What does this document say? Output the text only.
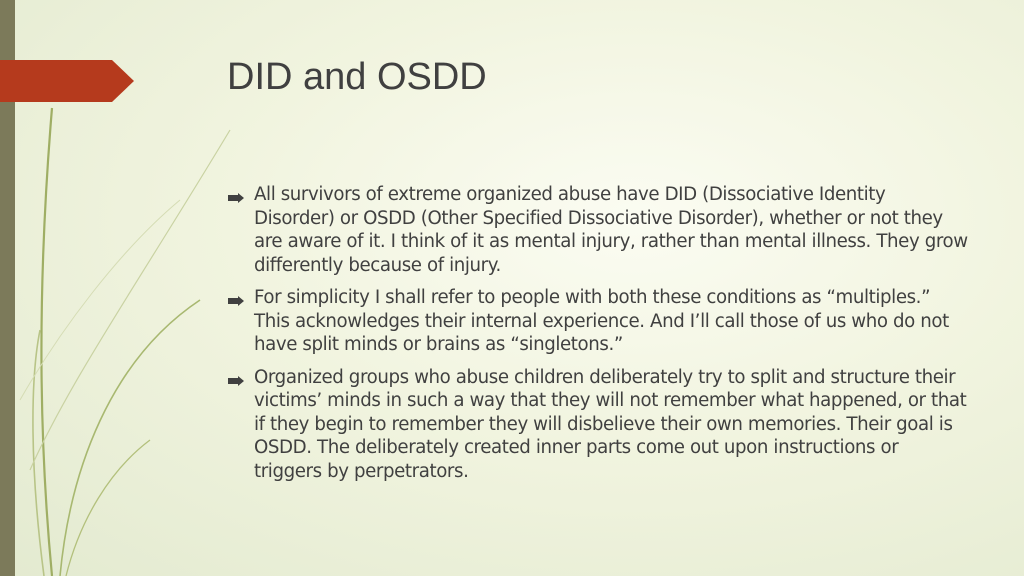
DID and OSDD
All survivors of extreme organized abuse have DID (Dissociative Identity Disorder) or OSDD (Other Specified Dissociative Disorder), whether or not they are aware of it. I think of it as mental injury, rather than mental illness. They grow differently because of injury.
For simplicity I shall refer to people with both these conditions as “multiples.” This acknowledges their internal experience. And I’ll call those of us who do not have split minds or brains as “singletons.”
Organized groups who abuse children deliberately try to split and structure their victims’ minds in such a way that they will not remember what happened, or that if they begin to remember they will disbelieve their own memories. Their goal is OSDD. The deliberately created inner parts come out upon instructions or triggers by perpetrators.
